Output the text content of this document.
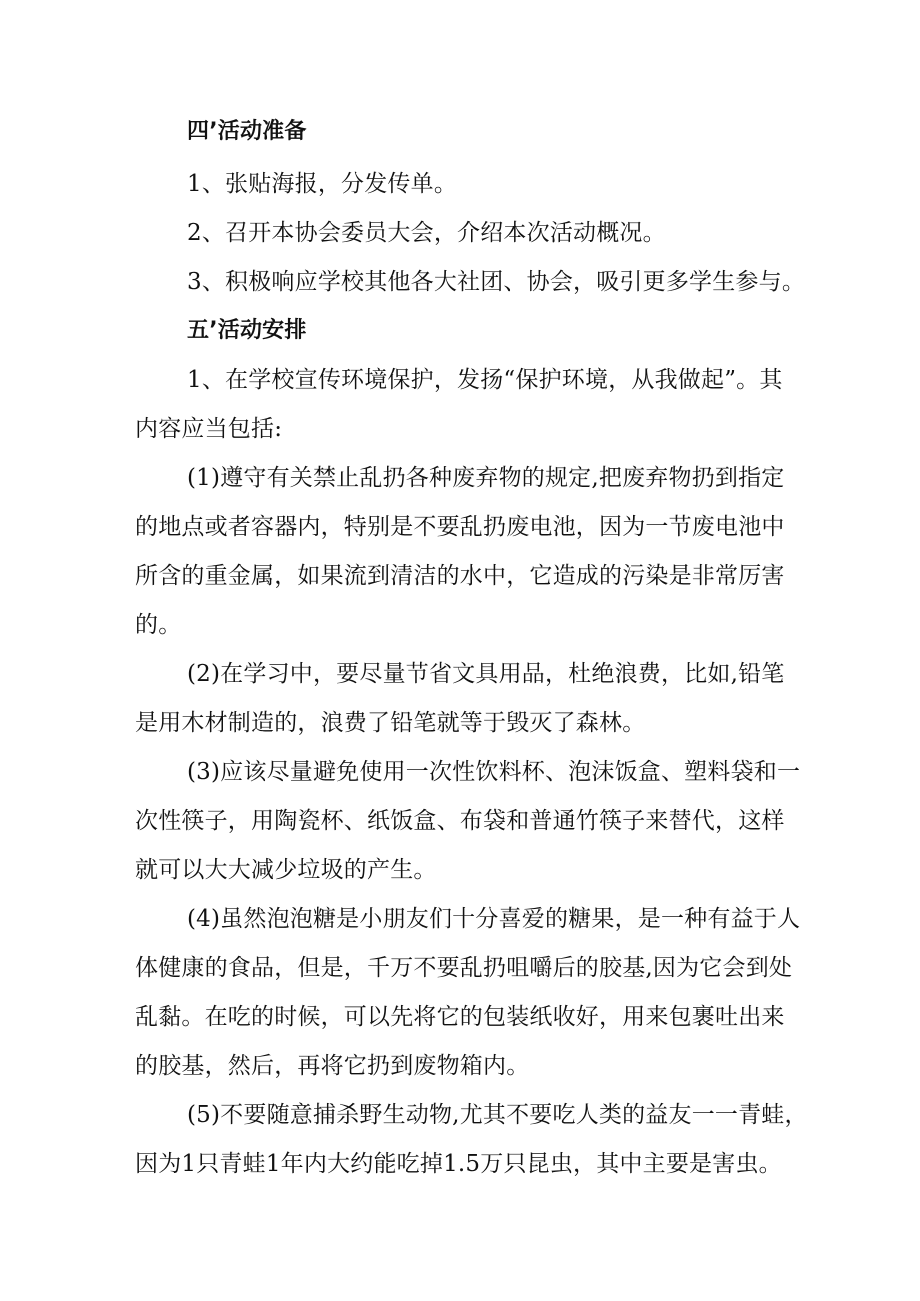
四’活动准备
1、张贴海报，分发传单。
2、召开本协会委员大会，介绍本次活动概况。
3、积极响应学校其他各大社团、协会，吸引更多学生参与。
五’活动安排
1、在学校宣传环境保护，发扬“保护环境，从我做起”。其
内容应当包括:
(1)遵守有关禁止乱扔各种废弃物的规定,把废弃物扔到指定
的地点或者容器内，特别是不要乱扔废电池，因为一节废电池中
所含的重金属，如果流到清洁的水中，它造成的污染是非常厉害
的。
(2)在学习中，要尽量节省文具用品，杜绝浪费，比如,铅笔
是用木材制造的，浪费了铅笔就等于毁灭了森林。
(3)应该尽量避免使用一次性饮料杯、泡沫饭盒、塑料袋和一
次性筷子，用陶瓷杯、纸饭盒、布袋和普通竹筷子来替代，这样
就可以大大减少垃圾的产生。
(4)虽然泡泡糖是小朋友们十分喜爱的糖果，是一种有益于人
体健康的食品，但是，千万不要乱扔咀嚼后的胶基,因为它会到处
乱黏。在吃的时候，可以先将它的包装纸收好，用来包裹吐出来
的胶基，然后，再将它扔到废物箱内。
(5)不要随意捕杀野生动物,尤其不要吃人类的益友一一青蛙，
因为1只青蛙1年内大约能吃掉1.5万只昆虫，其中主要是害虫。
